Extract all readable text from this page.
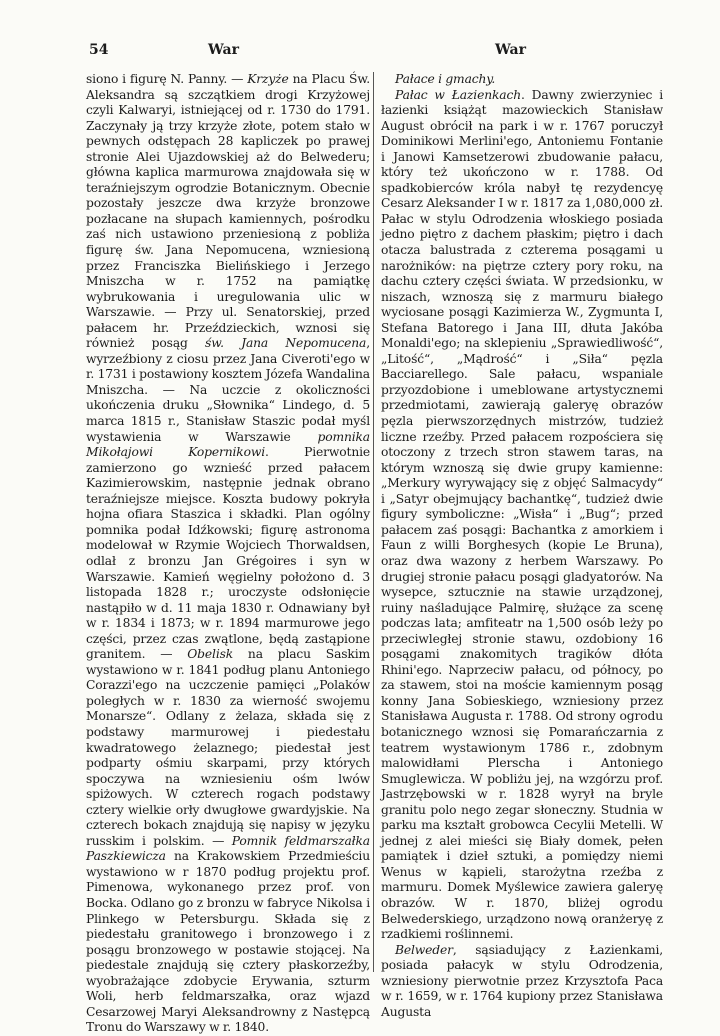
54	War	War

siono i figurę N. Panny. — Krzyże na Placu Św. Aleksandra są szczątkiem drogi Krzyżowej czyli Kalwaryi, istniejącej od r. 1730 do 1791. Zaczynały ją trzy krzyże złote, potem stało w pewnych odstępach 28 kapliczek po prawej stronie Alei Ujazdowskiej aż do Belwederu; główna kaplica marmurowa znajdowała się w teraźniejszym ogrodzie Botanicznym. Obecnie pozostały jeszcze dwa krzyże bronzowe pozłacane na słupach kamiennych, pośrodku zaś nich ustawiono przeniesioną z pobliża figurę św. Jana Nepomucena, wzniesioną przez Franciszka Bielińskiego i Jerzego Mniszcha w r. 1752 na pamiątkę wybrukowania i uregulowania ulic w Warszawie. — Przy ul. Senatorskiej, przed pałacem hr. Przeździeckich, wznosi się również posąg św. Jana Nepomucena, wyrzeźbiony z ciosu przez Jana Civeroti'ego w r. 1731 i postawiony kosztem Józefa Wandalina Mniszcha. — Na uczcie z okoliczności ukończenia druku „Słownika“ Lindego, d. 5 marca 1815 r., Stanisław Staszic podał myśl wystawienia w Warszawie pomnika Mikołajowi Kopernikowi. Pierwotnie zamierzono go wznieść przed pałacem Kazimierowskim, następnie jednak obrano teraźniejsze miejsce. Koszta budowy pokryła hojna ofiara Staszica i składki. Plan ogólny pomnika podał Idźkowski; figurę astronoma modelował w Rzymie Wojciech Thorwaldsen, odlał z bronzu Jan Grégoires i syn w Warszawie. Kamień węgielny położono d. 3 listopada 1828 r.; uroczyste odsłonięcie nastąpiło w d. 11 maja 1830 r. Odnawiany był w r. 1834 i 1873; w r. 1894 marmurowe jego części, przez czas zwątlone, będą zastąpione granitem. — Obelisk na placu Saskim wystawiono w r. 1841 podług planu Antoniego Corazzi'ego na uczczenie pamięci „Polaków poległych w r. 1830 za wierność swojemu Monarsze“. Odlany z żelaza, składa się z podstawy marmurowej i piedestału kwadratowego żelaznego; piedestał jest podparty ośmiu skarpami, przy których spoczywa na wzniesieniu ośm lwów spiżowych. W czterech rogach podstawy cztery wielkie orły dwugłowe gwardyjskie. Na czterech bokach znajdują się napisy w języku russkim i polskim. — Pomnik feldmarszałka Paszkiewicza na Krakowskiem Przedmieściu wystawiono w r 1870 podług projektu prof. Pimenowa, wykonanego przez prof. von Bocka. Odlano go z bronzu w fabryce Nikolsa i Plinkego w Petersburgu. Składa się z piedestału granitowego i bronzowego i z posągu bronzowego w postawie stojącej. Na piedestale znajdują się cztery płaskorzeźby, wyobrażające zdobycie Erywania, szturm Woli, herb feldmarszałka, oraz wjazd Cesarzowej Maryi Aleksandrowny z Następcą Tronu do Warszawy w r. 1840.

Pałace i gmachy.

Pałac w Łazienkach. Dawny zwierzyniec i łazienki książąt mazowieckich Stanisław August obrócił na park i w r. 1767 poruczył Dominikowi Merlini'ego, Antoniemu Fontanie i Janowi Kamsetzerowi zbudowanie pałacu, który też ukończono w r. 1788. Od spadkobierców króla nabył tę rezydencyę Cesarz Aleksander I w r. 1817 za 1,080,000 zł. Pałac w stylu Odrodzenia włoskiego posiada jedno piętro z dachem płaskim; piętro i dach otacza balustrada z czterema posągami u narożników: na piętrze cztery pory roku, na dachu cztery części świata. W przedsionku, w niszach, wznoszą się z marmuru białego wyciosane posągi Kazimierza W., Zygmunta I, Stefana Batorego i Jana III, dłuta Jakóba Monaldi'ego; na sklepieniu „Sprawiedliwość“, „Litość“, „Mądrość“ i „Siła“ pęzla Bacciarellego. Sale pałacu, wspaniale przyozdobione i umeblowane artystycznemi przedmiotami, zawierają galeryę obrazów pęzla pierwszorzędnych mistrzów, tudzież liczne rzeźby. Przed pałacem rozpościera się otoczony z trzech stron stawem taras, na którym wznoszą się dwie grupy kamienne: „Merkury wyrywający się z objęć Salmacydy“ i „Satyr obejmujący bachantkę“, tudzież dwie figury symboliczne: „Wisła“ i „Bug“; przed pałacem zaś posągi: Bachantka z amorkiem i Faun z willi Borghesych (kopie Le Bruna), oraz dwa wazony z herbem Warszawy. Po drugiej stronie pałacu posągi gladyatorów. Na wysepce, sztucznie na stawie urządzonej, ruiny naśladujące Palmirę, służące za scenę podczas lata; amfiteatr na 1,500 osób leży po przeciwległej stronie stawu, ozdobiony 16 posągami znakomitych tragików dłóta Rhini'ego. Naprzeciw pałacu, od północy, po za stawem, stoi na moście kamiennym posąg konny Jana Sobieskiego, wzniesiony przez Stanisława Augusta r. 1788. Od strony ogrodu botanicznego wznosi się Pomarańczarnia z teatrem wystawionym 1786 r., zdobnym malowidłami Plerscha i Antoniego Smuglewicza. W pobliżu jej, na wzgórzu prof. Jastrzębowski w r. 1828 wyrył na bryle granitu polo nego zegar słoneczny. Studnia w parku ma kształt grobowca Cecylii Metelli. W jednej z alei mieści się Biały domek, pełen pamiątek i dzieł sztuki, a pomiędzy niemi Wenus w kąpieli, starożytna rzeźba z marmuru. Domek Myślewice zawiera galeryę obrazów. W r. 1870, bliżej ogrodu Belwederskiego, urządzono nową oranżeryę z rzadkiemi roślinnemi.

Belweder, sąsiadujący z Łazienkami, posiada pałacyk w stylu Odrodzenia, wzniesiony pierwotnie przez Krzysztofa Paca w r. 1659, w r. 1764 kupiony przez Stanisława Augusta
